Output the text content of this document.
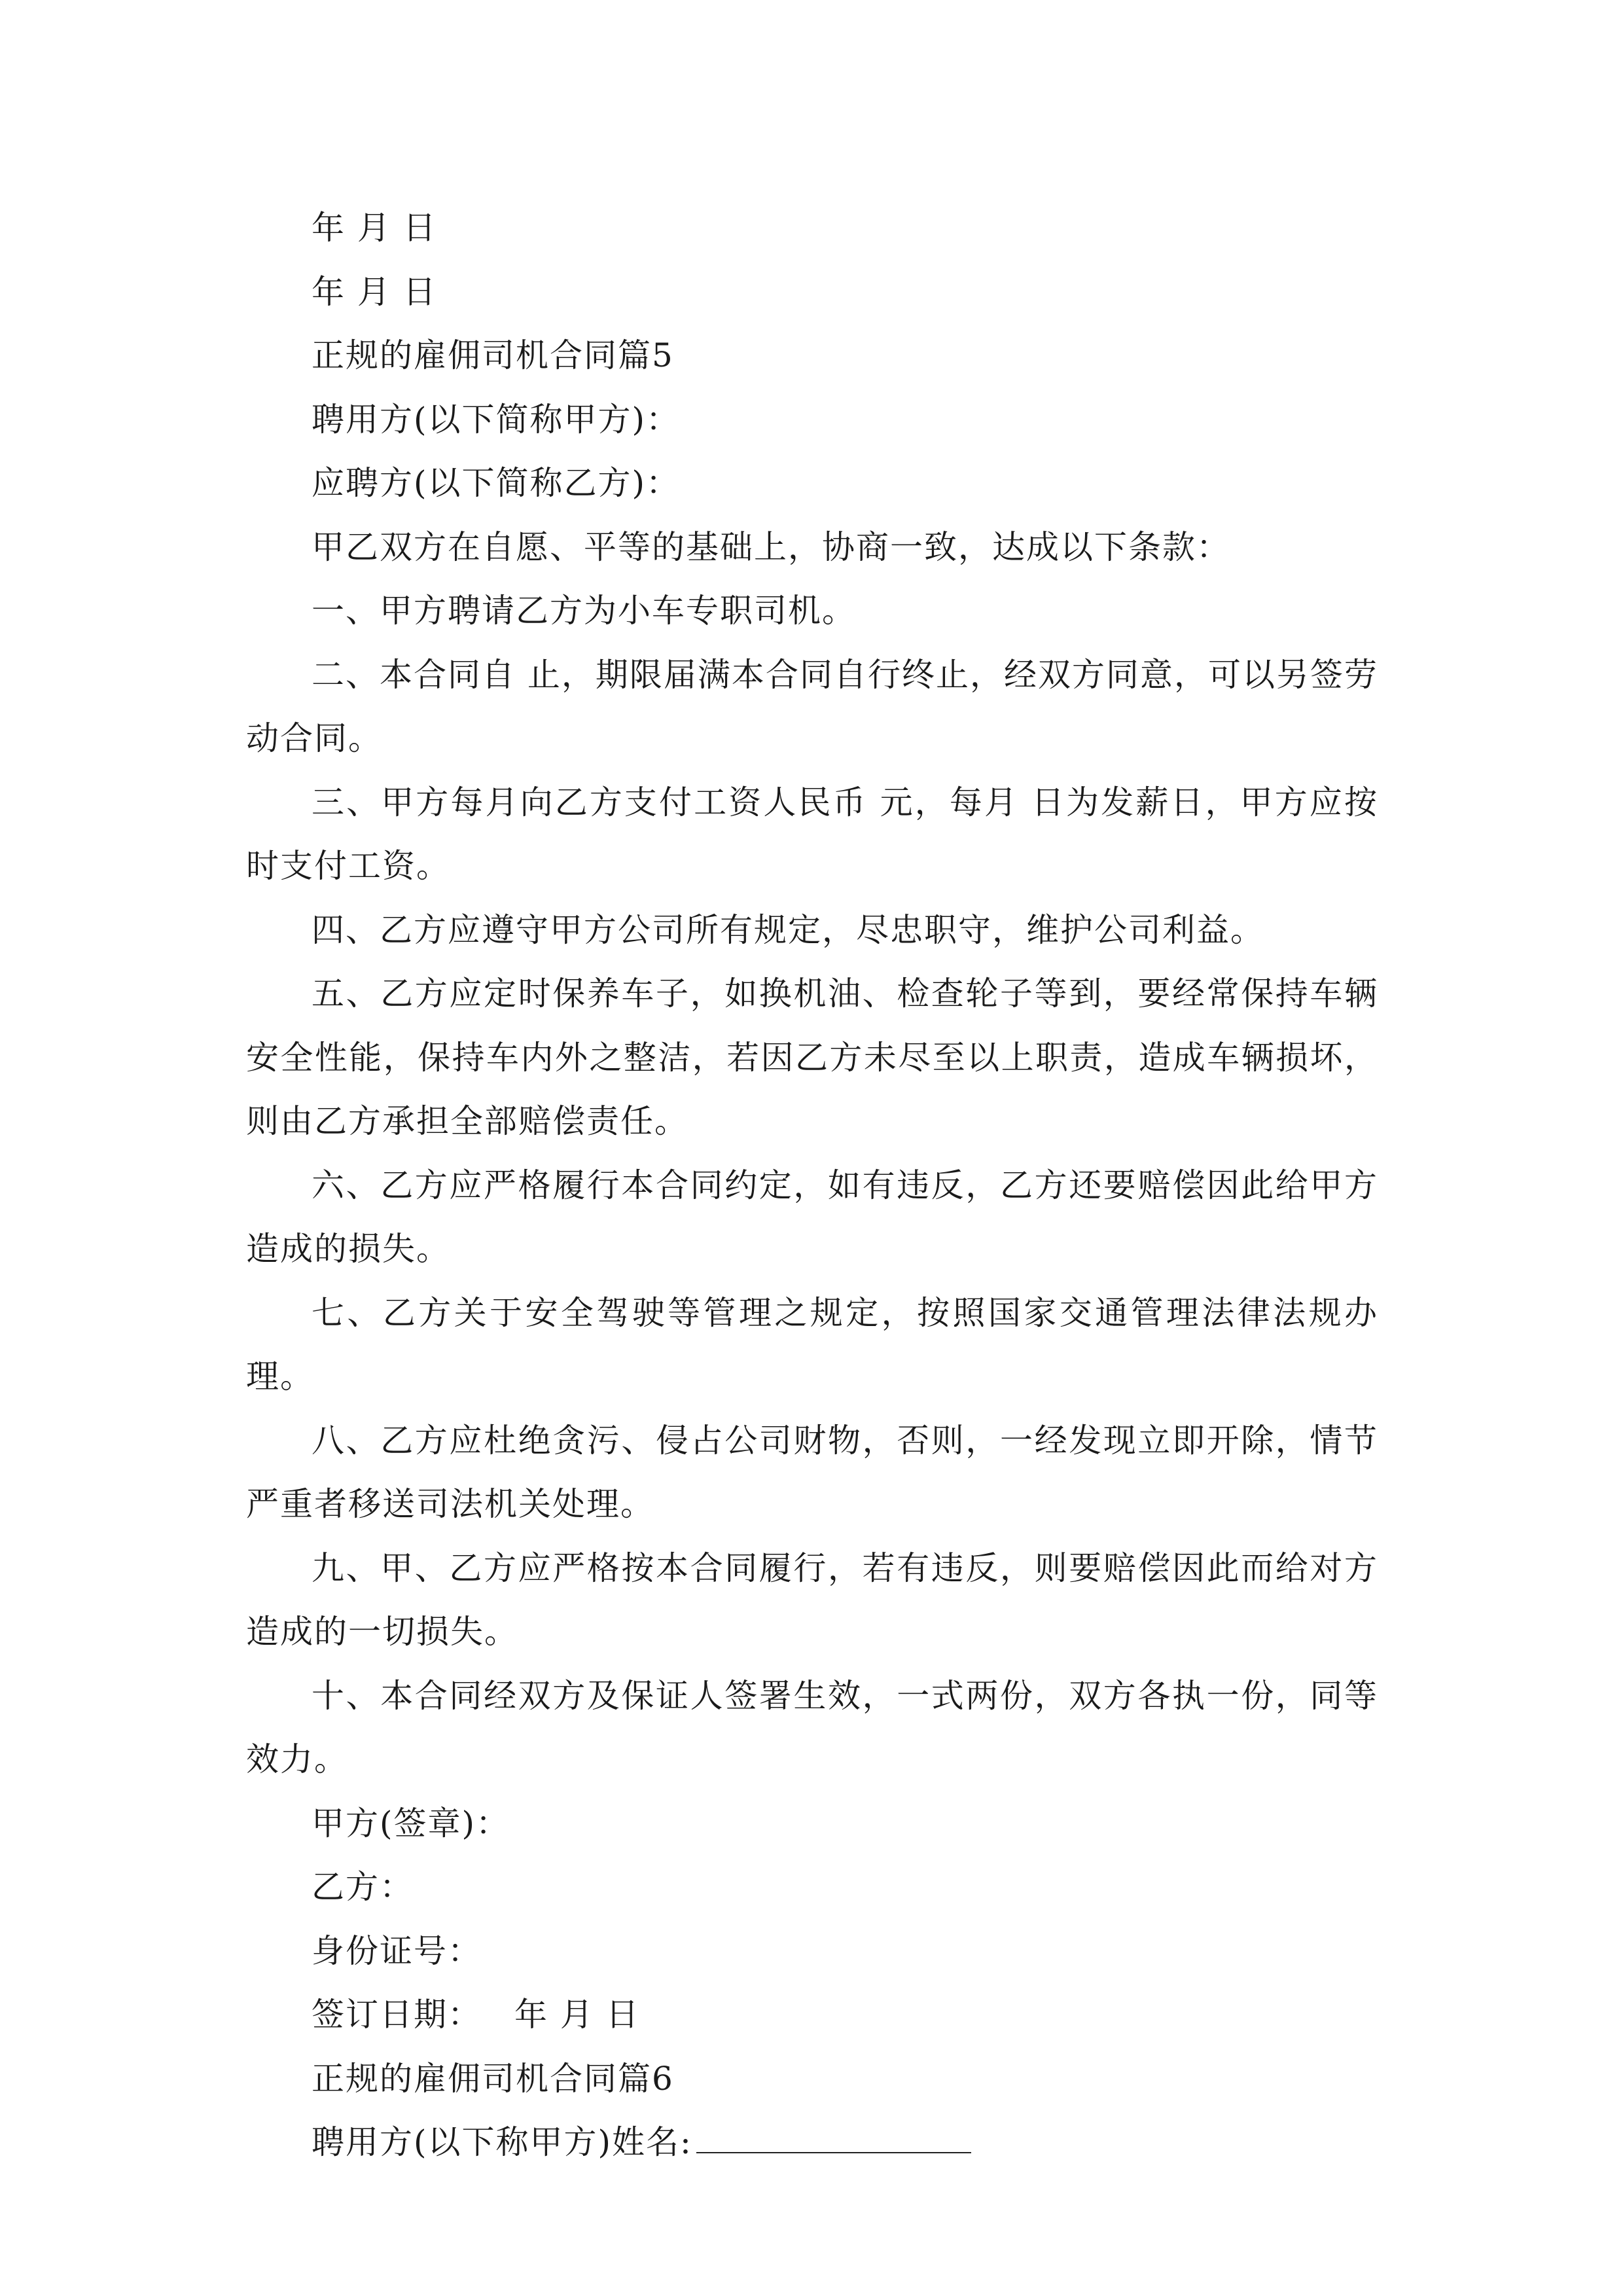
年 月 日

年 月 日

正规的雇佣司机合同篇5

聘用方(以下简称甲方)：

应聘方(以下简称乙方)：

甲乙双方在自愿、平等的基础上，协商一致，达成以下条款：

一、甲方聘请乙方为小车专职司机。

二、本合同自 止，期限届满本合同自行终止，经双方同意，可以另签劳动合同。

三、甲方每月向乙方支付工资人民币 元，每月 日为发薪日，甲方应按时支付工资。

四、乙方应遵守甲方公司所有规定，尽忠职守，维护公司利益。

五、乙方应定时保养车子，如换机油、检查轮子等到，要经常保持车辆安全性能，保持车内外之整洁，若因乙方未尽至以上职责，造成车辆损坏，则由乙方承担全部赔偿责任。

六、乙方应严格履行本合同约定，如有违反，乙方还要赔偿因此给甲方造成的损失。

七、乙方关于安全驾驶等管理之规定，按照国家交通管理法律法规办理。

八、乙方应杜绝贪污、侵占公司财物，否则，一经发现立即开除，情节严重者移送司法机关处理。

九、甲、乙方应严格按本合同履行，若有违反，则要赔偿因此而给对方造成的一切损失。

十、本合同经双方及保证人签署生效，一式两份，双方各执一份，同等效力。

甲方(签章)：

乙方：

身份证号：

签订日期： 年 月 日

正规的雇佣司机合同篇6

聘用方(以下称甲方)姓名:
